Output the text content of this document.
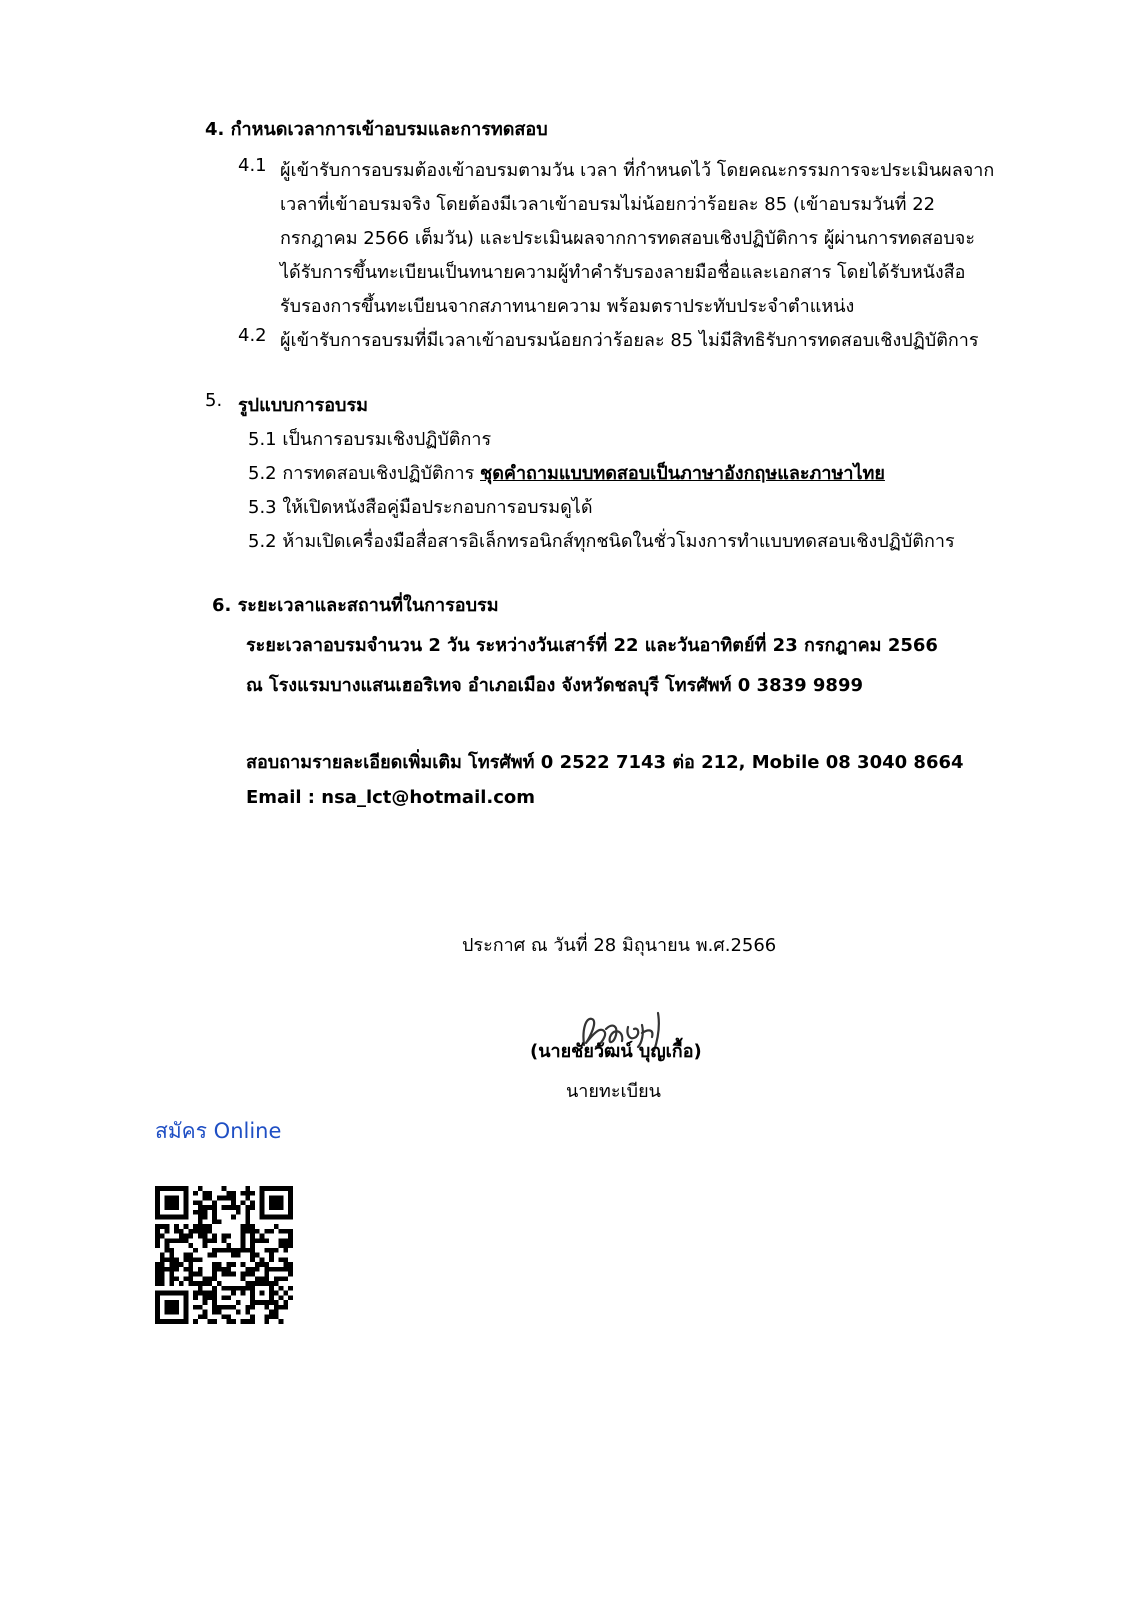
4. กำหนดเวลาการเข้าอบรมและการทดสอบ
4.1 ผู้เข้ารับการอบรมต้องเข้าอบรมตามวัน เวลา ที่กำหนดไว้ โดยคณะกรรมการจะประเมินผลจาก
เวลาที่เข้าอบรมจริง โดยต้องมีเวลาเข้าอบรมไม่น้อยกว่าร้อยละ 85 (เข้าอบรมวันที่ 22
กรกฎาคม 2566 เต็มวัน) และประเมินผลจากการทดสอบเชิงปฏิบัติการ ผู้ผ่านการทดสอบจะ
ได้รับการขึ้นทะเบียนเป็นทนายความผู้ทำคำรับรองลายมือชื่อและเอกสาร โดยได้รับหนังสือ
รับรองการขึ้นทะเบียนจากสภาทนายความ พร้อมตราประทับประจำตำแหน่ง
4.2 ผู้เข้ารับการอบรมที่มีเวลาเข้าอบรมน้อยกว่าร้อยละ 85 ไม่มีสิทธิรับการทดสอบเชิงปฏิบัติการ
5. รูปแบบการอบรม
5.1 เป็นการอบรมเชิงปฏิบัติการ
5.2 การทดสอบเชิงปฏิบัติการ ชุดคำถามแบบทดสอบเป็นภาษาอังกฤษและภาษาไทย
5.3 ให้เปิดหนังสือคู่มือประกอบการอบรมดูได้
5.2 ห้ามเปิดเครื่องมือสื่อสารอิเล็กทรอนิกส์ทุกชนิดในชั่วโมงการทำแบบทดสอบเชิงปฏิบัติการ
6. ระยะเวลาและสถานที่ในการอบรม
ระยะเวลาอบรมจำนวน 2 วัน ระหว่างวันเสาร์ที่ 22 และวันอาทิตย์ที่ 23 กรกฎาคม 2566
ณ โรงแรมบางแสนเฮอริเทจ อำเภอเมือง จังหวัดชลบุรี โทรศัพท์ 0 3839 9899
สอบถามรายละเอียดเพิ่มเติม โทรศัพท์ 0 2522 7143 ต่อ 212, Mobile 08 3040 8664
Email : nsa_lct@hotmail.com
ประกาศ ณ วันที่ 28 มิถุนายน พ.ศ.2566
(นายชัยวัฒน์ บุญเกื้อ)
นายทะเบียน
สมัคร Online
